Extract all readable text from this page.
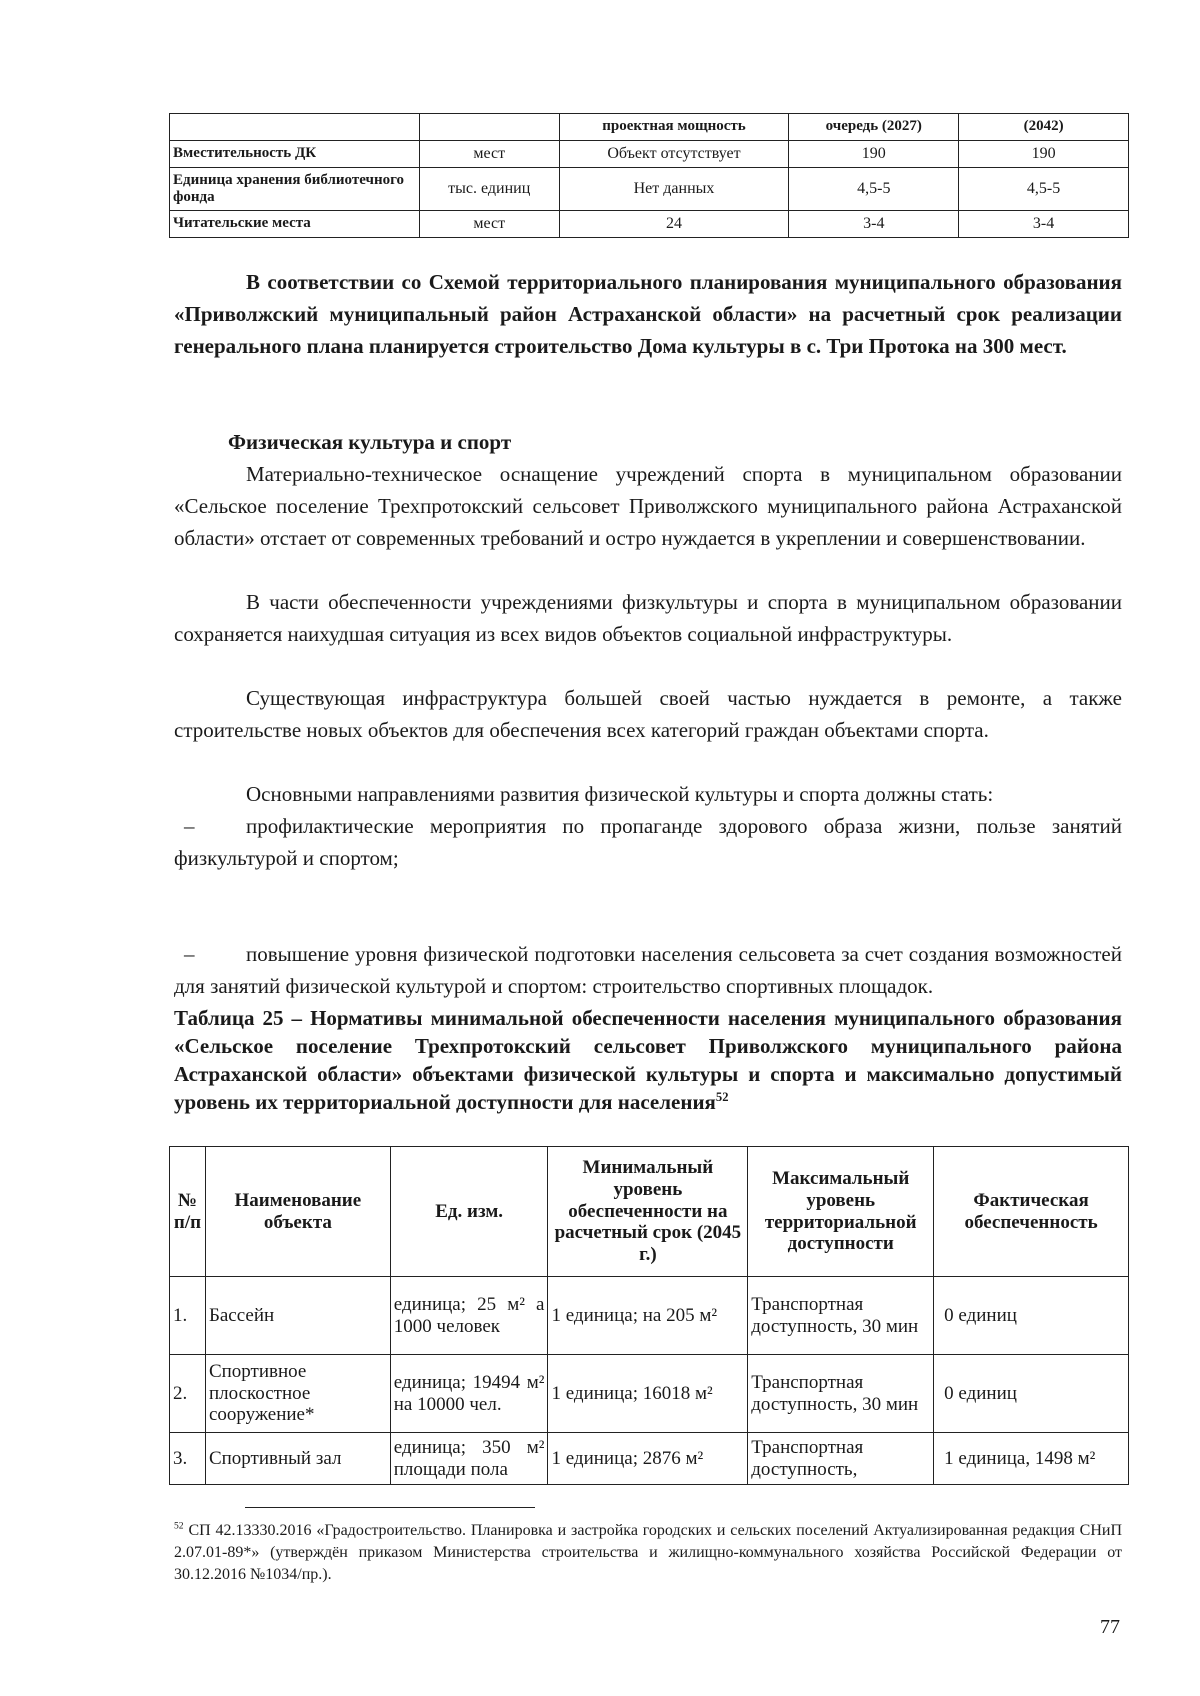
		проектная мощность	очередь (2027)	(2042)
Вместительность ДК	мест	Объект отсутствует	190	190
Единица хранения библиотечного фонда	тыс. единиц	Нет данных	4,5-5	4,5-5
Читательские места	мест	24	3-4	3-4
В соответствии со Схемой территориального планирования муниципального образования «Приволжский муниципальный район Астраханской области» на расчетный срок реализации генерального плана планируется строительство Дома культуры в с. Три Протока на 300 мест.
Физическая культура и спорт
Материально-техническое оснащение учреждений спорта в муниципальном образовании «Сельское поселение Трехпротокский сельсовет Приволжского муниципального района Астраханской области» отстает от современных требований и остро нуждается в укреплении и совершенствовании.
В части обеспеченности учреждениями физкультуры и спорта в муниципальном образовании сохраняется наихудшая ситуация из всех видов объектов социальной инфраструктуры.
Существующая инфраструктура большей своей частью нуждается в ремонте, а также строительстве новых объектов для обеспечения всех категорий граждан объектами спорта.
Основными направлениями развития физической культуры и спорта должны стать:
– профилактические мероприятия по пропаганде здорового образа жизни, пользе занятий физкультурой и спортом;
– повышение уровня физической подготовки населения сельсовета за счет создания возможностей для занятий физической культурой и спортом: строительство спортивных площадок.
Таблица 25 – Нормативы минимальной обеспеченности населения муниципального образования «Сельское поселение Трехпротокский сельсовет Приволжского муниципального района Астраханской области» объектами физической культуры и спорта и максимально допустимый уровень их территориальной доступности для населения$^{52}$
№ п/п	Наименование объекта	Ед. изм.	Минимальный уровень обеспеченности на расчетный срок (2045 г.)	Максимальный уровень территориальной доступности	Фактическая обеспеченность
1.	Бассейн	единица; 25 м² а 1000 человек	1 единица; на 205 м²	Транспортная доступность, 30 мин	0 единиц
2.	Спортивное плоскостное сооружение*	единица; 19494 м² на 10000 чел.	1 единица; 16018 м²	Транспортная доступность, 30 мин	0 единиц
3.	Спортивный зал	единица; 350 м² площади пола	1 единица; 2876 м²	Транспортная доступность,	1 единица, 1498 м²
$^{52}$ СП 42.13330.2016 «Градостроительство. Планировка и застройка городских и сельских поселений Актуализированная редакция СНиП 2.07.01-89*» (утверждён приказом Министерства строительства и жилищно-коммунального хозяйства Российской Федерации от 30.12.2016 №1034/пр.).
77
